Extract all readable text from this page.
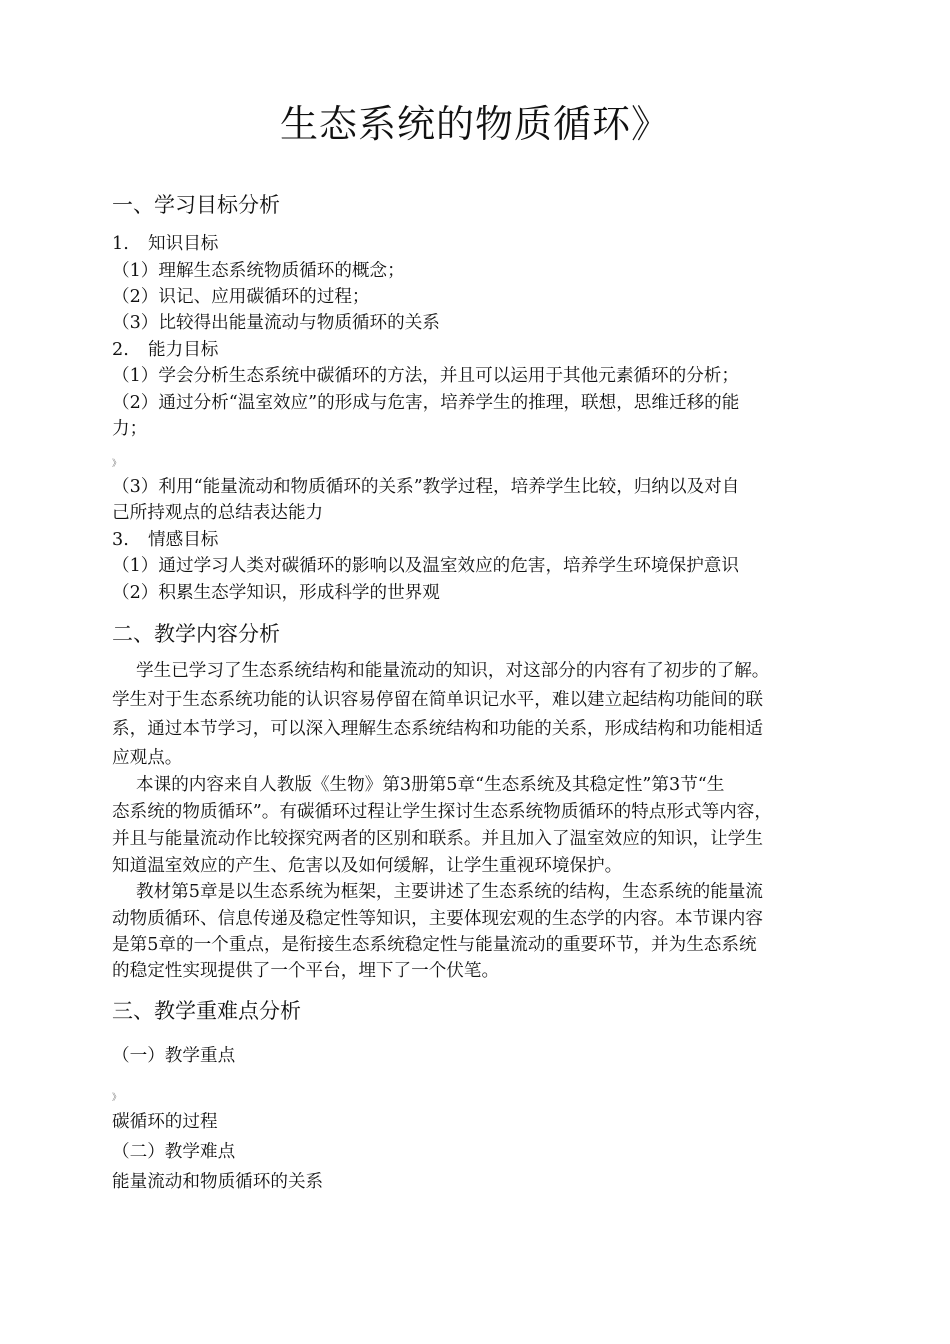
生态系统的物质循环》
一、学习目标分析
1. 知识目标
（1）理解生态系统物质循环的概念；
（2）识记、应用碳循环的过程；
（3）比较得出能量流动与物质循环的关系
2. 能力目标
（1）学会分析生态系统中碳循环的方法，并且可以运用于其他元素循环的分析；
（2）通过分析“温室效应”的形成与危害，培养学生的推理，联想，思维迁移的能
力；
》
（3）利用“能量流动和物质循环的关系”教学过程，培养学生比较，归纳以及对自
己所持观点的总结表达能力
3. 情感目标
（1）通过学习人类对碳循环的影响以及温室效应的危害，培养学生环境保护意识
（2）积累生态学知识，形成科学的世界观
二、教学内容分析
学生已学习了生态系统结构和能量流动的知识，对这部分的内容有了初步的了解。
学生对于生态系统功能的认识容易停留在简单识记水平，难以建立起结构功能间的联
系，通过本节学习，可以深入理解生态系统结构和功能的关系，形成结构和功能相适
应观点。
本课的内容来自人教版《生物》第3册第5章“生态系统及其稳定性”第3节“生
态系统的物质循环”。有碳循环过程让学生探讨生态系统物质循环的特点形式等内容，
并且与能量流动作比较探究两者的区别和联系。并且加入了温室效应的知识，让学生
知道温室效应的产生、危害以及如何缓解，让学生重视环境保护。
教材第5章是以生态系统为框架，主要讲述了生态系统的结构，生态系统的能量流
动物质循环、信息传递及稳定性等知识，主要体现宏观的生态学的内容。本节课内容
是第5章的一个重点，是衔接生态系统稳定性与能量流动的重要环节，并为生态系统
的稳定性实现提供了一个平台，埋下了一个伏笔。
三、教学重难点分析
（一）教学重点
》
碳循环的过程
（二）教学难点
能量流动和物质循环的关系
